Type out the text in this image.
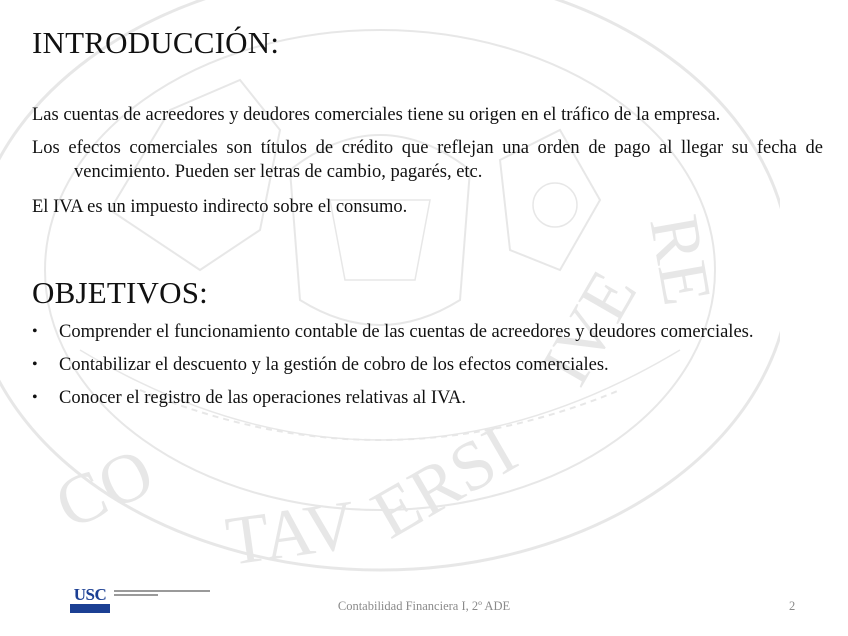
CO TAV ERSI
IVE
RE
INTRODUCCIÓN:

Las cuentas de acreedores y deudores comerciales tiene su origen en el tráfico de la empresa.

Los efectos comerciales son títulos de crédito que reflejan una orden de pago al llegar su fecha de vencimiento. Pueden ser letras de cambio, pagarés, etc.

El IVA es un impuesto indirecto sobre el consumo.

OBJETIVOS:
• Comprender el funcionamiento contable de las cuentas de acreedores y deudores comerciales.
• Contabilizar el descuento y la gestión de cobro de los efectos comerciales.
• Conocer el registro de las operaciones relativas al IVA.
USC
Contabilidad Financiera I, 2º ADE	2
